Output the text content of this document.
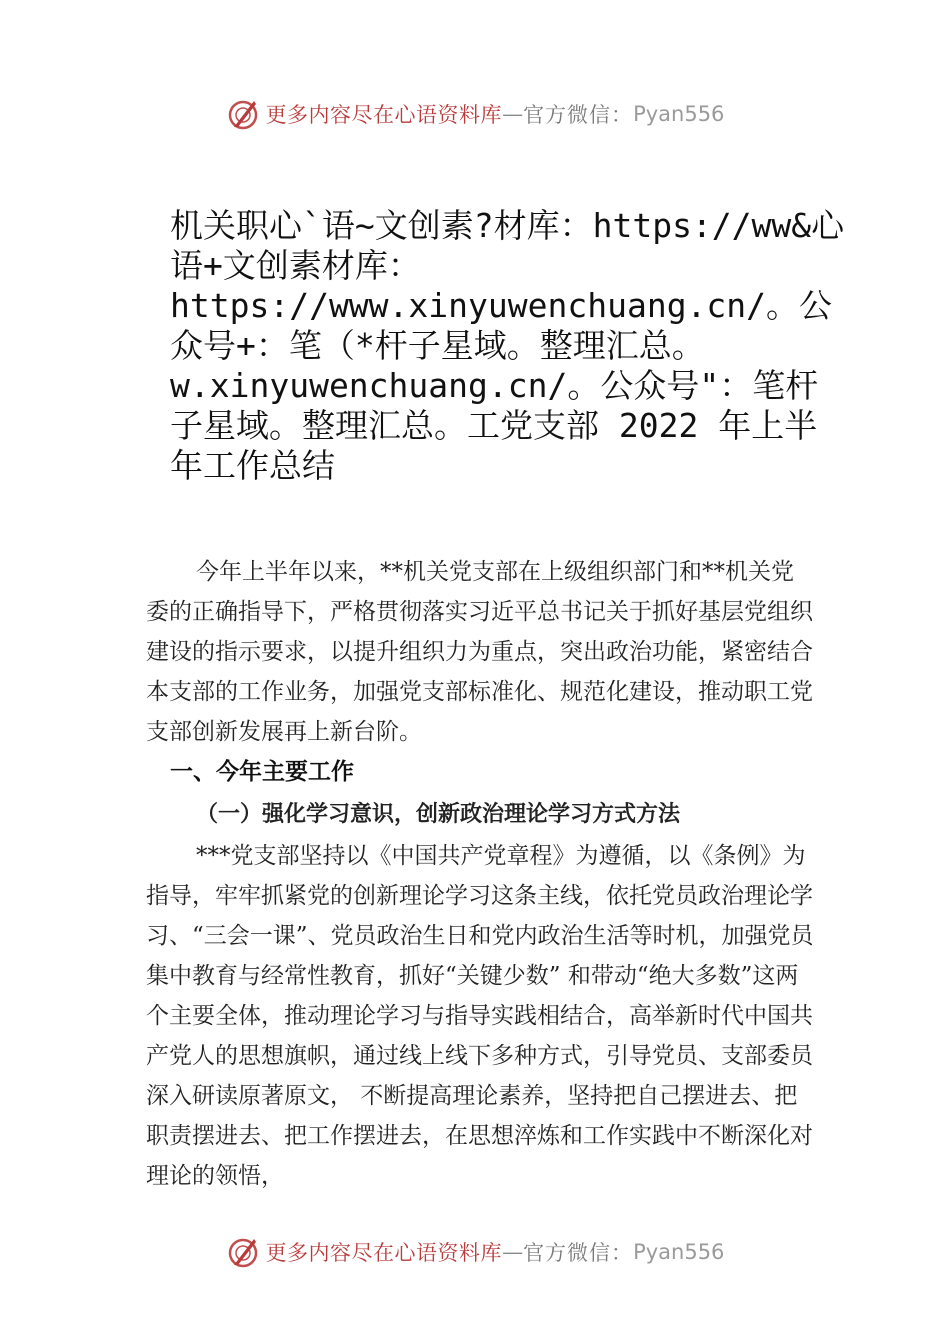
更多内容尽在心语资料库 — 官方微信： Pyan556
机关职心`语~文创素?材库：https://ww&心语+文创素材库：https://www.xinyuwenchuang.cn/。公众号+：笔（*杆子星域。整理汇总。w.xinyuwenchuang.cn/。公众号"：笔杆子星域。整理汇总。工党支部 2022 年上半年工作总结

今年上半年以来，**机关党支部在上级组织部门和**机关党委的正确指导下，严格贯彻落实习近平总书记关于抓好基层党组织建设的指示要求，以提升组织力为重点，突出政治功能，紧密结合本支部的工作业务，加强党支部标准化、规范化建设，推动职工党支部创新发展再上新台阶。

一、今年主要工作
（一）强化学习意识，创新政治理论学习方式方法

***党支部坚持以《中国共产党章程》为遵循，以《条例》为指导，牢牢抓紧党的创新理论学习这条主线，依托党员政治理论学习、“三会一课”、党员政治生日和党内政治生活等时机，加强党员集中教育与经常性教育，抓好“关键少数” 和带动“绝大多数”这两个主要全体，推动理论学习与指导实践相结合，高举新时代中国共产党人的思想旗帜，通过线上线下多种方式，引导党员、支部委员深入研读原著原文， 不断提高理论素养，坚持把自己摆进去、把职责摆进去、把工作摆进去，在思想淬炼和工作实践中不断深化对理论的领悟，

更多内容尽在心语资料库 — 官方微信： Pyan556
